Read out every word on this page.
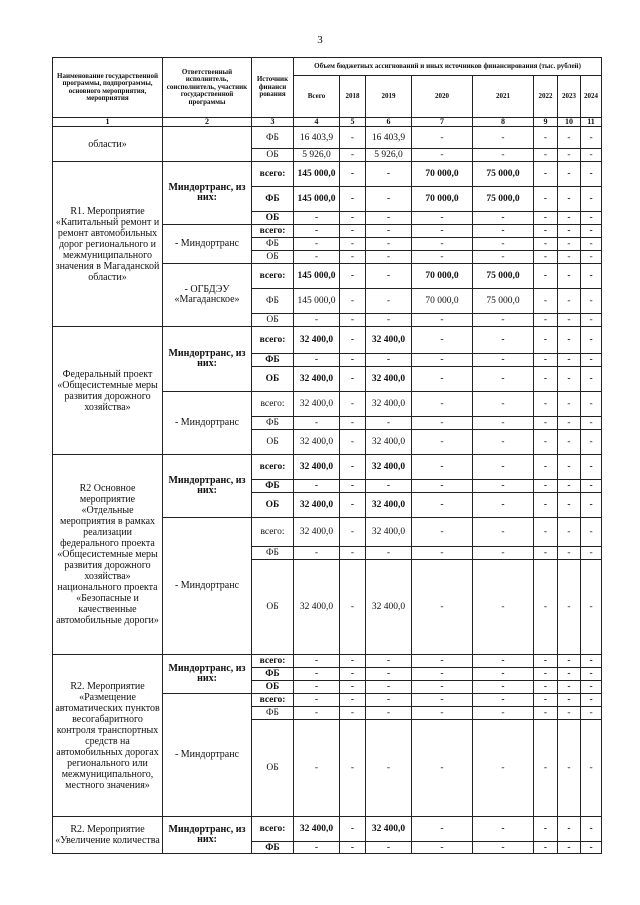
3
Наименование государственной программы, подпрограммы, основного мероприятия, мероприятия	Ответственный исполнитель, соисполнитель, участник государственной программы	Источник финанси рования	Объем бюджетных ассигнований и иных источников финансирования (тыс. рублей)							
			Всего	2018	2019	2020	2021	2022	2023	2024
1	2	3	4	5	6	7	8	9	10	11
области»		ФБ	16 403,9	-	16 403,9	-	-	-	-	-
		ОБ	5 926,0	-	5 926,0	-	-	-	-	-
R1. Мероприятие «Капитальный ремонт и ремонт автомобильных дорог регионального и межмуниципального значения в Магаданской области»	Миндортранс, из них:	всего:	145 000,0	-	-	70 000,0	75 000,0	-	-	-
		ФБ	145 000,0	-	-	70 000,0	75 000,0	-	-	-
		ОБ	-	-	-	-	-	-	-	-
	- Миндортранс	всего:	-	-	-	-	-	-	-	-
		ФБ	-	-	-	-	-	-	-	-
		ОБ	-	-	-	-	-	-	-	-
	- ОГБДЭУ «Магаданское»	всего:	145 000,0	-	-	70 000,0	75 000,0	-	-	-
		ФБ	145 000,0	-	-	70 000,0	75 000,0	-	-	-
		ОБ	-	-	-	-	-	-	-	-
Федеральный проект «Общесистемные меры развития дорожного хозяйства»	Миндортранс, из них:	всего:	32 400,0	-	32 400,0	-	-	-	-	-
		ФБ	-	-	-	-	-	-	-	-
		ОБ	32 400,0	-	32 400,0	-	-	-	-	-
	- Миндортранс	всего:	32 400,0	-	32 400,0	-	-	-	-	-
		ФБ	-	-	-	-	-	-	-	-
		ОБ	32 400,0	-	32 400,0	-	-	-	-	-
R2 Основное мероприятие «Отдельные мероприятия в рамках реализации федерального проекта «Общесистемные меры развития дорожного хозяйства» национального проекта «Безопасные и качественные автомобильные дороги»	Миндортранс, из них:	всего:	32 400,0	-	32 400,0	-	-	-	-	-
		ФБ	-	-	-	-	-	-	-	-
		ОБ	32 400,0	-	32 400,0	-	-	-	-	-
	- Миндортранс	всего:	32 400,0	-	32 400,0	-	-	-	-	-
		ФБ	-	-	-	-	-	-	-	-
		ОБ	32 400,0	-	32 400,0	-	-	-	-	-
R2. Мероприятие «Размещение автоматических пунктов весогабаритного контроля транспортных средств на автомобильных дорогах регионального или межмуниципального, местного значения»	Миндортранс, из них:	всего:	-	-	-	-	-	-	-	-
		ФБ	-	-	-	-	-	-	-	-
		ОБ	-	-	-	-	-	-	-	-
	- Миндортранс	всего:	-	-	-	-	-	-	-	-
		ФБ	-	-	-	-	-	-	-	-
		ОБ	-	-	-	-	-	-	-	-
R2. Мероприятие «Увеличение количества	Миндортранс, из них:	всего:	32 400,0	-	32 400,0	-	-	-	-	-
		ФБ	-	-	-	-	-	-	-	-
